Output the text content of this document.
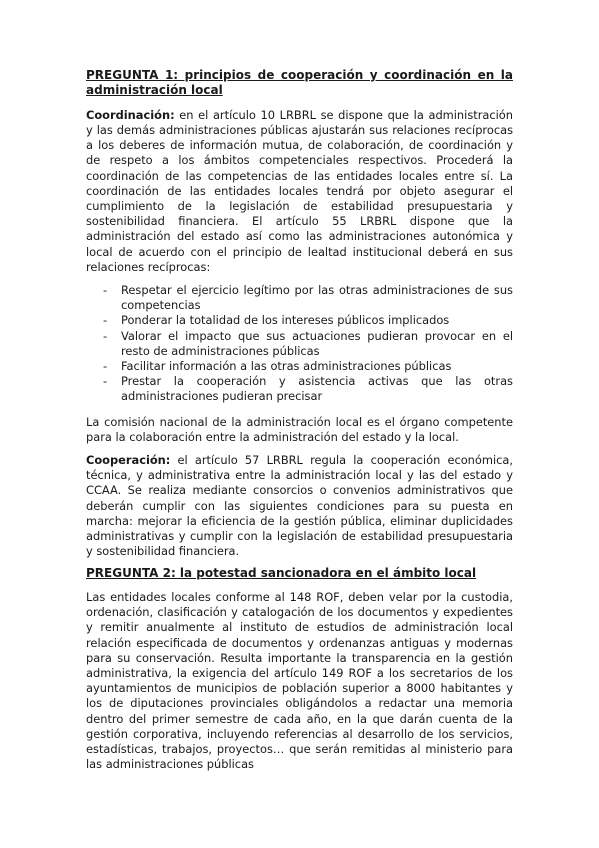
PREGUNTA 1: principios de cooperación y coordinación en la administración local

Coordinación: en el artículo 10 LRBRL se dispone que la administración y las demás administraciones públicas ajustarán sus relaciones recíprocas a los deberes de información mutua, de colaboración, de coordinación y de respeto a los ámbitos competenciales respectivos. Procederá la coordinación de las competencias de las entidades locales entre sí. La coordinación de las entidades locales tendrá por objeto asegurar el cumplimiento de la legislación de estabilidad presupuestaria y sostenibilidad financiera. El artículo 55 LRBRL dispone que la administración del estado así como las administraciones autonómica y local de acuerdo con el principio de lealtad institucional deberá en sus relaciones recíprocas:

- Respetar el ejercicio legítimo por las otras administraciones de sus competencias
- Ponderar la totalidad de los intereses públicos implicados
- Valorar el impacto que sus actuaciones pudieran provocar en el resto de administraciones públicas
- Facilitar información a las otras administraciones públicas
- Prestar la cooperación y asistencia activas que las otras administraciones pudieran precisar

La comisión nacional de la administración local es el órgano competente para la colaboración entre la administración del estado y la local.

Cooperación: el artículo 57 LRBRL regula la cooperación económica, técnica, y administrativa entre la administración local y las del estado y CCAA. Se realiza mediante consorcios o convenios administrativos que deberán cumplir con las siguientes condiciones para su puesta en marcha: mejorar la eficiencia de la gestión pública, eliminar duplicidades administrativas y cumplir con la legislación de estabilidad presupuestaria y sostenibilidad financiera.

PREGUNTA 2: la potestad sancionadora en el ámbito local

Las entidades locales conforme al 148 ROF, deben velar por la custodia, ordenación, clasificación y catalogación de los documentos y expedientes y remitir anualmente al instituto de estudios de administración local relación especificada de documentos y ordenanzas antiguas y modernas para su conservación. Resulta importante la transparencia en la gestión administrativa, la exigencia del artículo 149 ROF a los secretarios de los ayuntamientos de municipios de población superior a 8000 habitantes y los de diputaciones provinciales obligándolos a redactar una memoria dentro del primer semestre de cada año, en la que darán cuenta de la gestión corporativa, incluyendo referencias al desarrollo de los servicios, estadísticas, trabajos, proyectos… que serán remitidas al ministerio para las administraciones públicas
